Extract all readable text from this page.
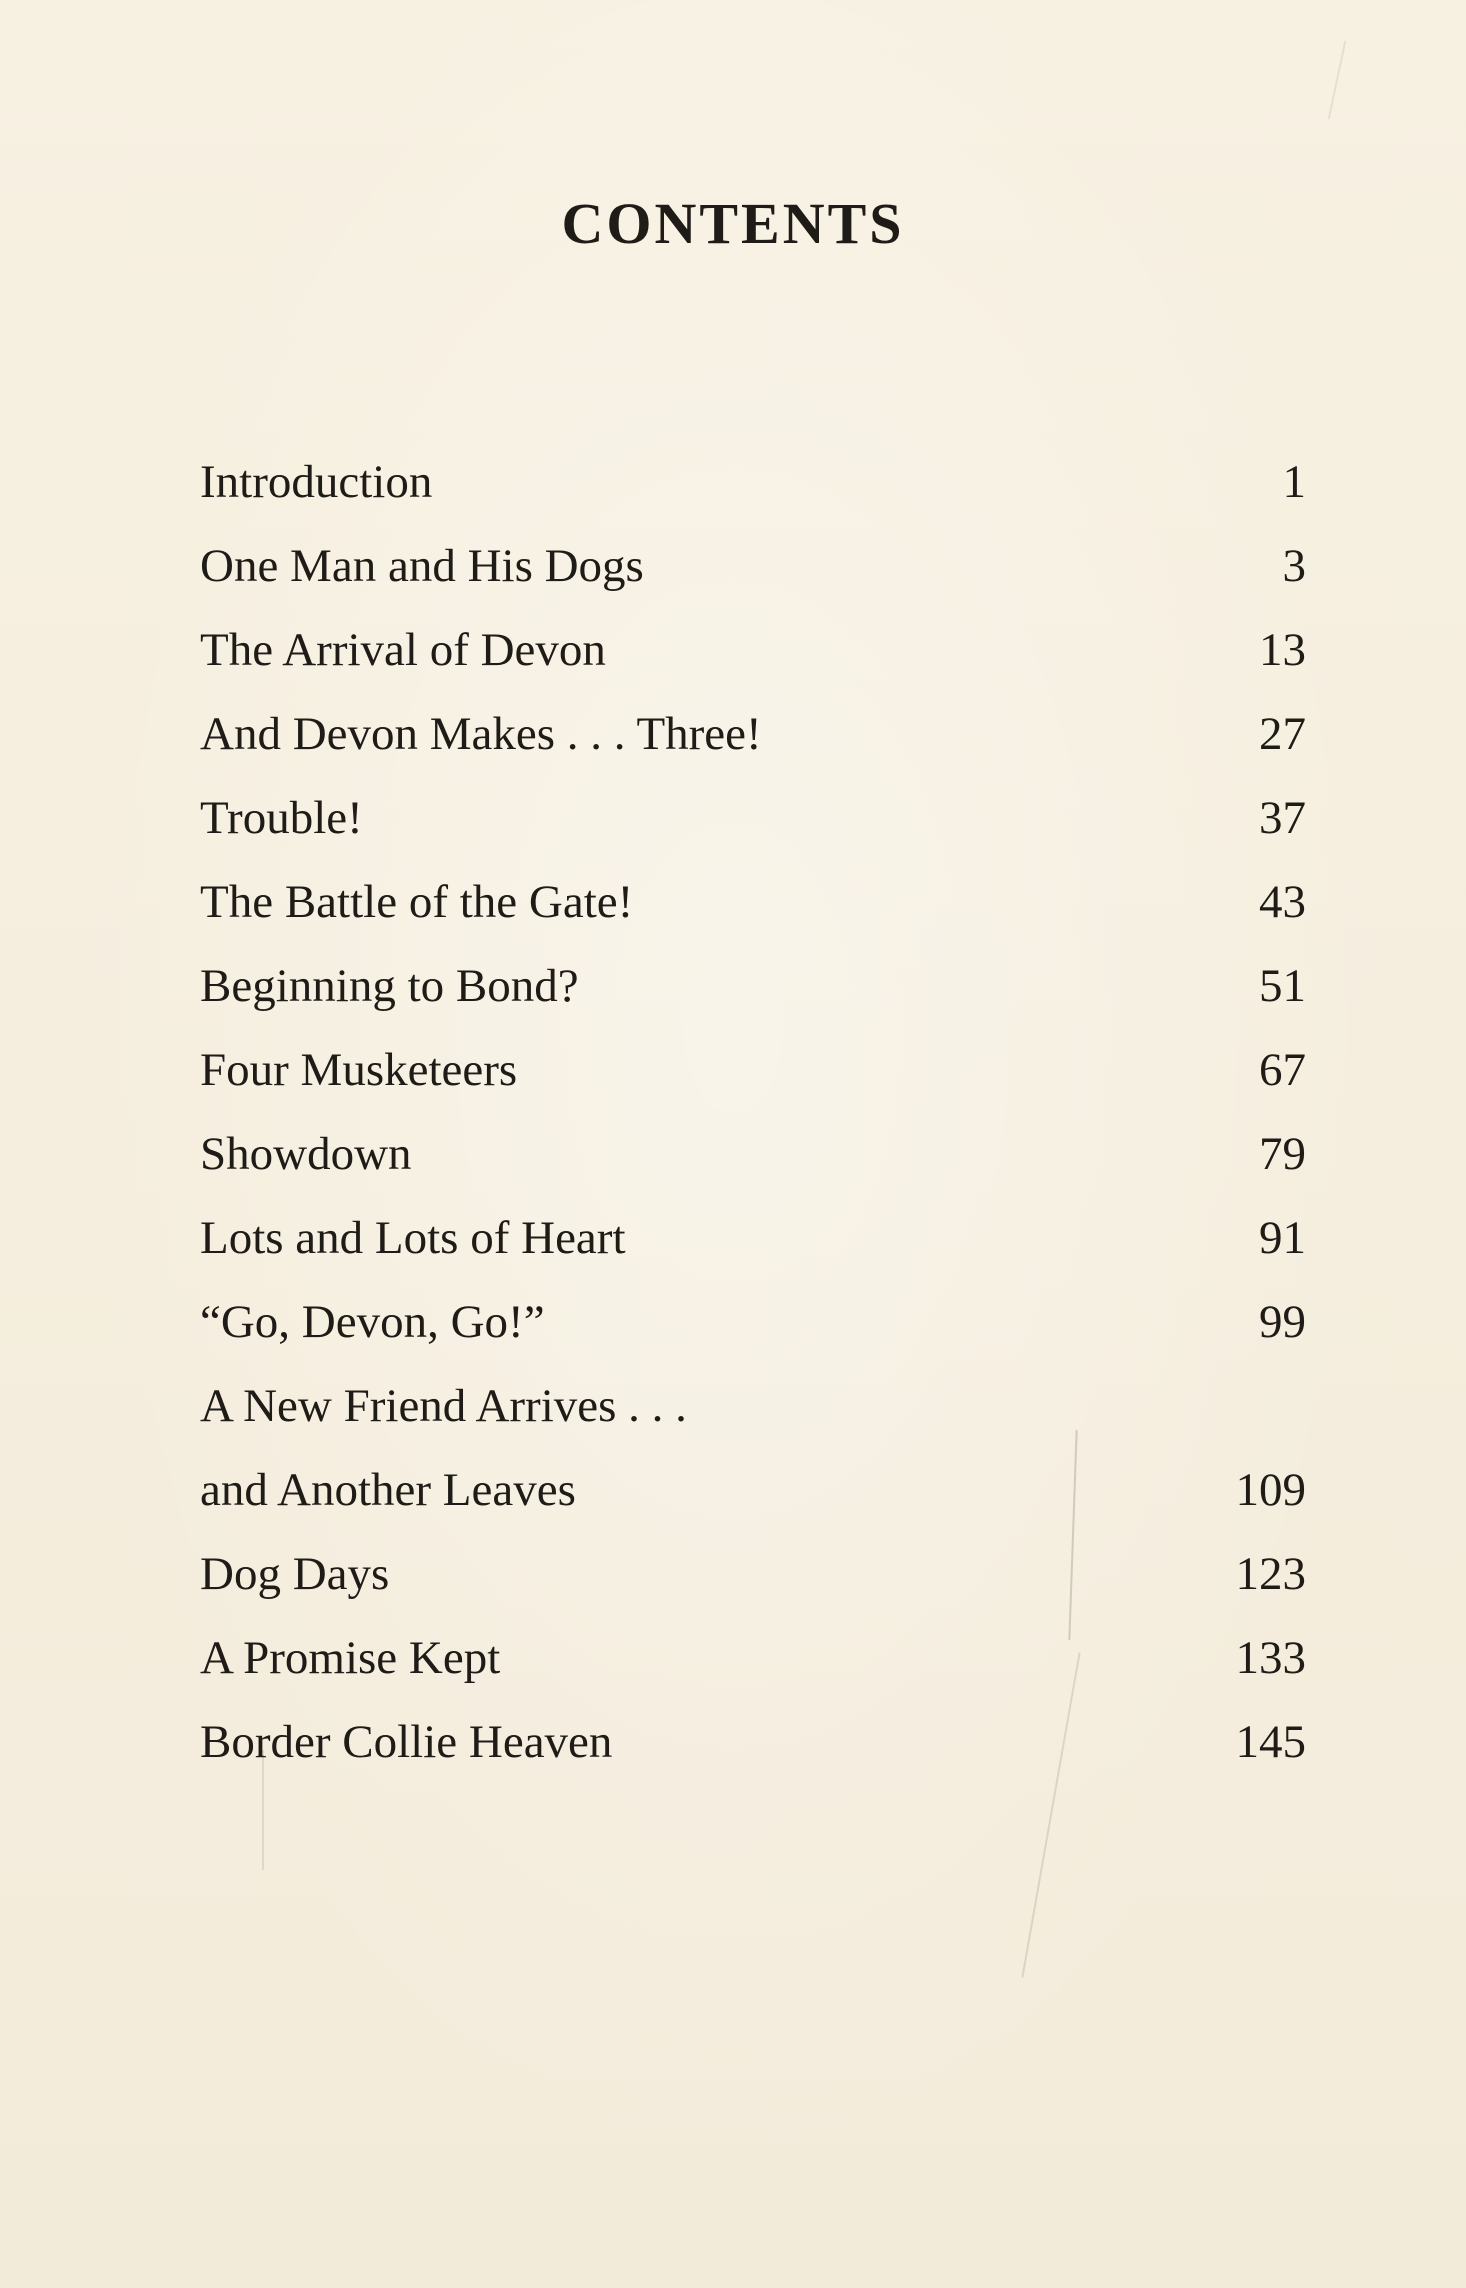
CONTENTS
Introduction	1
One Man and His Dogs	3
The Arrival of Devon	13
And Devon Makes . . . Three!	27
Trouble!	37
The Battle of the Gate!	43
Beginning to Bond?	51
Four Musketeers	67
Showdown	79
Lots and Lots of Heart	91
“Go, Devon, Go!”	99
A New Friend Arrives . . .
and Another Leaves	109
Dog Days	123
A Promise Kept	133
Border Collie Heaven	145
